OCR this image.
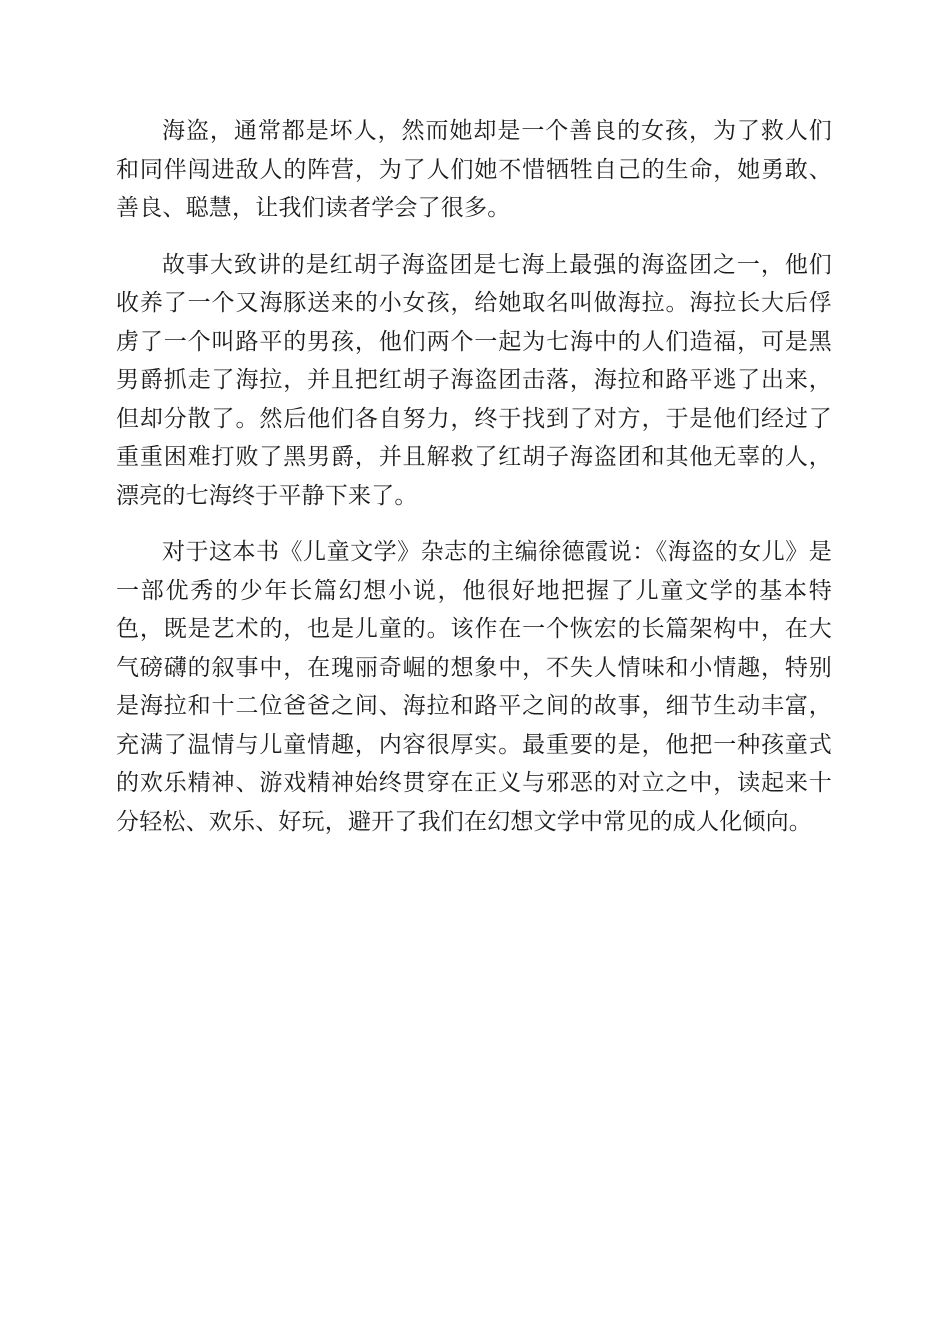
海盗，通常都是坏人，然而她却是一个善良的女孩，为了救人们和同伴闯进敌人的阵营，为了人们她不惜牺牲自己的生命，她勇敢、善良、聪慧，让我们读者学会了很多。

故事大致讲的是红胡子海盗团是七海上最强的海盗团之一，他们收养了一个又海豚送来的小女孩，给她取名叫做海拉。海拉长大后俘虏了一个叫路平的男孩，他们两个一起为七海中的人们造福，可是黑男爵抓走了海拉，并且把红胡子海盗团击落，海拉和路平逃了出来，但却分散了。然后他们各自努力，终于找到了对方，于是他们经过了重重困难打败了黑男爵，并且解救了红胡子海盗团和其他无辜的人，漂亮的七海终于平静下来了。

对于这本书《儿童文学》杂志的主编徐德霞说：《海盗的女儿》是一部优秀的少年长篇幻想小说，他很好地把握了儿童文学的基本特色，既是艺术的，也是儿童的。该作在一个恢宏的长篇架构中，在大气磅礴的叙事中，在瑰丽奇崛的想象中，不失人情味和小情趣，特别是海拉和十二位爸爸之间、海拉和路平之间的故事，细节生动丰富，充满了温情与儿童情趣，内容很厚实。最重要的是，他把一种孩童式的欢乐精神、游戏精神始终贯穿在正义与邪恶的对立之中，读起来十分轻松、欢乐、好玩，避开了我们在幻想文学中常见的成人化倾向。
